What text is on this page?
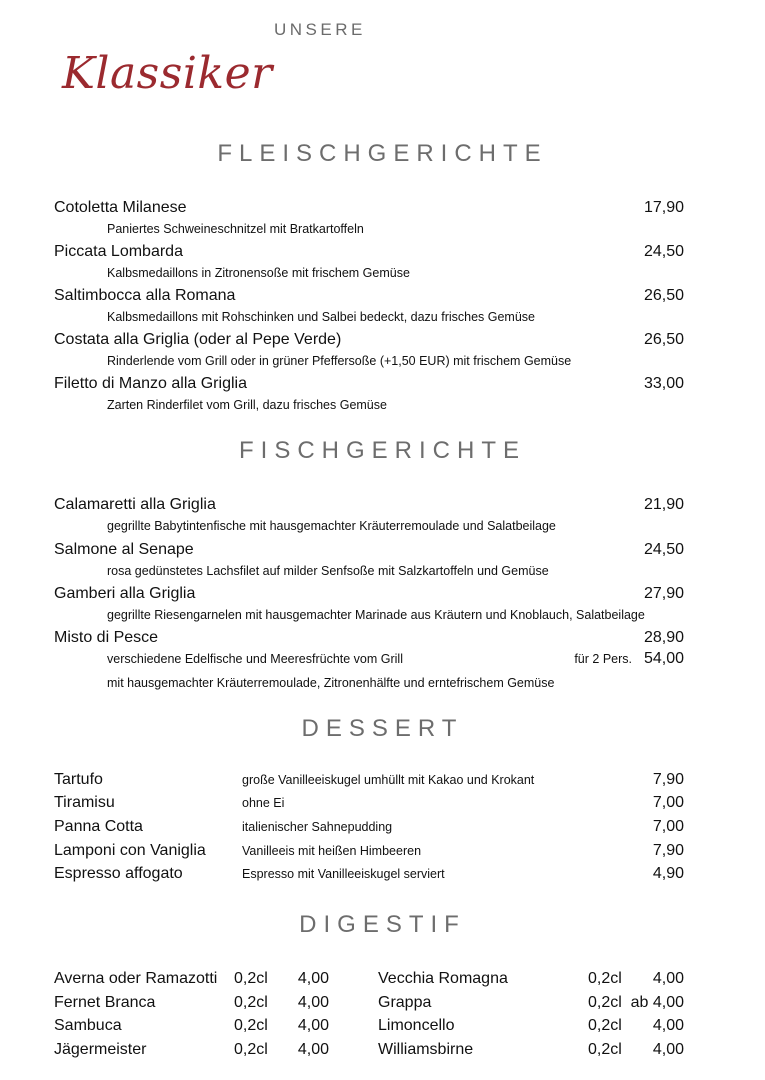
UNSERE
Klassiker
FLEISCHGERICHTE
Cotoletta Milanese	17,90
Paniertes Schweineschnitzel mit Bratkartoffeln
Piccata Lombarda	24,50
Kalbsmedaillons in Zitronensoße mit frischem Gemüse
Saltimbocca alla Romana	26,50
Kalbsmedaillons mit Rohschinken und Salbei bedeckt, dazu frisches Gemüse
Costata alla Griglia (oder al Pepe Verde)	26,50
Rinderlende vom Grill oder in grüner Pfeffersoße (+1,50 EUR) mit frischem Gemüse
Filetto di Manzo alla Griglia	33,00
Zarten Rinderfilet vom Grill, dazu frisches Gemüse
FISCHGERICHTE
Calamaretti alla Griglia	21,90
gegrillte Babytintenfische mit hausgemachter Kräuterremoulade und Salatbeilage
Salmone al Senape	24,50
rosa gedünstetes Lachsfilet auf milder Senfsoße mit Salzkartoffeln und Gemüse
Gamberi alla Griglia	27,90
gegrillte Riesengarnelen mit hausgemachter Marinade aus Kräutern und Knoblauch, Salatbeilage
Misto di Pesce	28,90
verschiedene Edelfische und Meeresfrüchte vom Grill	für 2 Pers. 54,00
mit hausgemachter Kräuterremoulade, Zitronenhälfte und erntefrischem Gemüse
DESSERT
Tartufo	große Vanilleeiskugel umhüllt mit Kakao und Krokant	7,90
Tiramisu	ohne Ei	7,00
Panna Cotta	italienischer Sahnepudding	7,00
Lamponi con Vaniglia	Vanilleeis mit heißen Himbeeren	7,90
Espresso affogato	Espresso mit Vanilleeiskugel serviert	4,90
DIGESTIF
Averna oder Ramazotti 0,2cl 4,00
Fernet Branca	0,2cl 4,00
Sambuca	0,2cl 4,00
Jägermeister	0,2cl 4,00
Vecchia Romagna	0,2cl 4,00
Grappa	0,2cl ab 4,00
Limoncello	0,2cl 4,00
Williamsbirne	0,2cl 4,00
